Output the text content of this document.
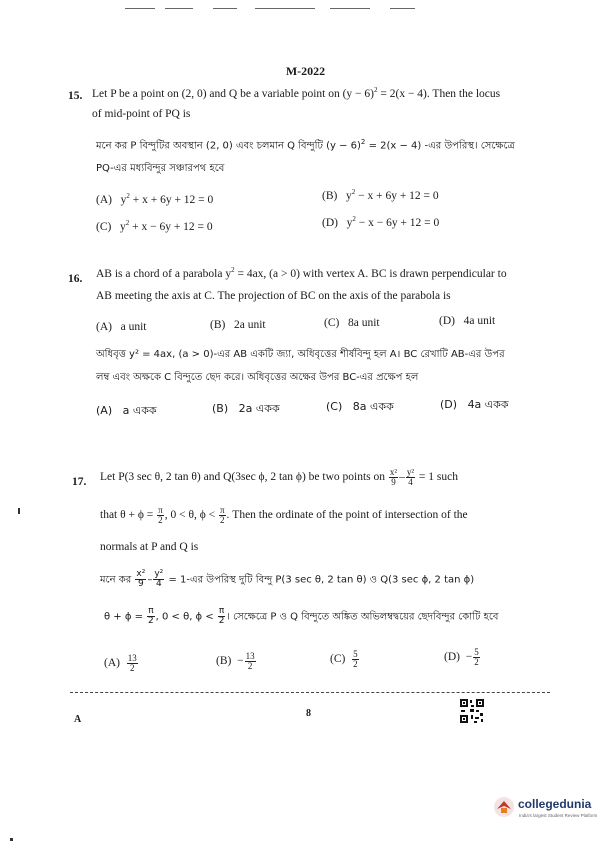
M-2022
15. Let P be a point on (2, 0) and Q be a variable point on $(y - 6)^2 = 2(x - 4)$. Then the locus
of mid-point of PQ is
মনে কর P বিন্দুটির অবস্থান (2, 0) এবং চলমান Q বিন্দুটি $(y - 6)^2 = 2(x - 4)$ -এর উপরিস্থ। সেক্ষেত্রে
PQ-এর মধ্যবিন্দুর সঞ্চারপথ হবে
(A) $y^2 + x + 6y + 12 = 0$	(B) $y^2 - x + 6y + 12 = 0$
(C) $y^2 + x - 6y + 12 = 0$	(D) $y^2 - x - 6y + 12 = 0$
16. AB is a chord of a parabola $y^2 = 4ax$, (a > 0) with vertex A. BC is drawn perpendicular to
AB meeting the axis at C. The projection of BC on the axis of the parabola is
(A) a unit	(B) 2a unit	(C) 8a unit	(D) 4a unit
অধিবৃত্ত y² = 4ax, (a > 0)-এর AB একটি জ্যা, অধিবৃত্তের শীর্ষবিন্দু হল A। BC রেখাটি AB-এর উপর
লম্ব এবং অক্ষকে C বিন্দুতে ছেদ করে। অধিবৃত্তের অক্ষের উপর BC-এর প্রক্ষেপ হল
(A) a একক	(B) 2a একক	(C) 8a একক	(D) 4a একক
17. Let P(3 sec θ, 2 tan θ) and Q(3sec ϕ, 2 tan ϕ) be two points on $\frac{\text{x²}}{9} - \frac{\text{y²}}{4} = 1$ such
that $\theta + \phi = \frac{\pi}{2}$ , 0 < θ, $\phi < \frac{\pi}{2}$ . Then the ordinate of the point of intersection of the
normals at P and Q is
মনে কর $\frac{\text{x²}}{9} - \frac{\text{y²}}{4}$ = 1-এর উপরিস্থ দুটি বিন্দু P(3 sec θ, 2 tan θ) ও Q(3 sec ϕ, 2 tan ϕ)
$\theta + \phi = \frac{\pi}{2}$ , 0 < θ, $\phi < \frac{\pi}{2}$ । সেক্ষেত্রে P ও Q বিন্দুতে অঙ্কিত অভিলম্বদ্বয়ের ছেদবিন্দুর কোটি হবে
$(A) \frac{13}{2}$	$(B) - \frac{13}{2}$	$(C) \frac{5}{2}$	$(D) - \frac{5}{2}$
A
8
collegedunia
India's largest Student Review Platform
